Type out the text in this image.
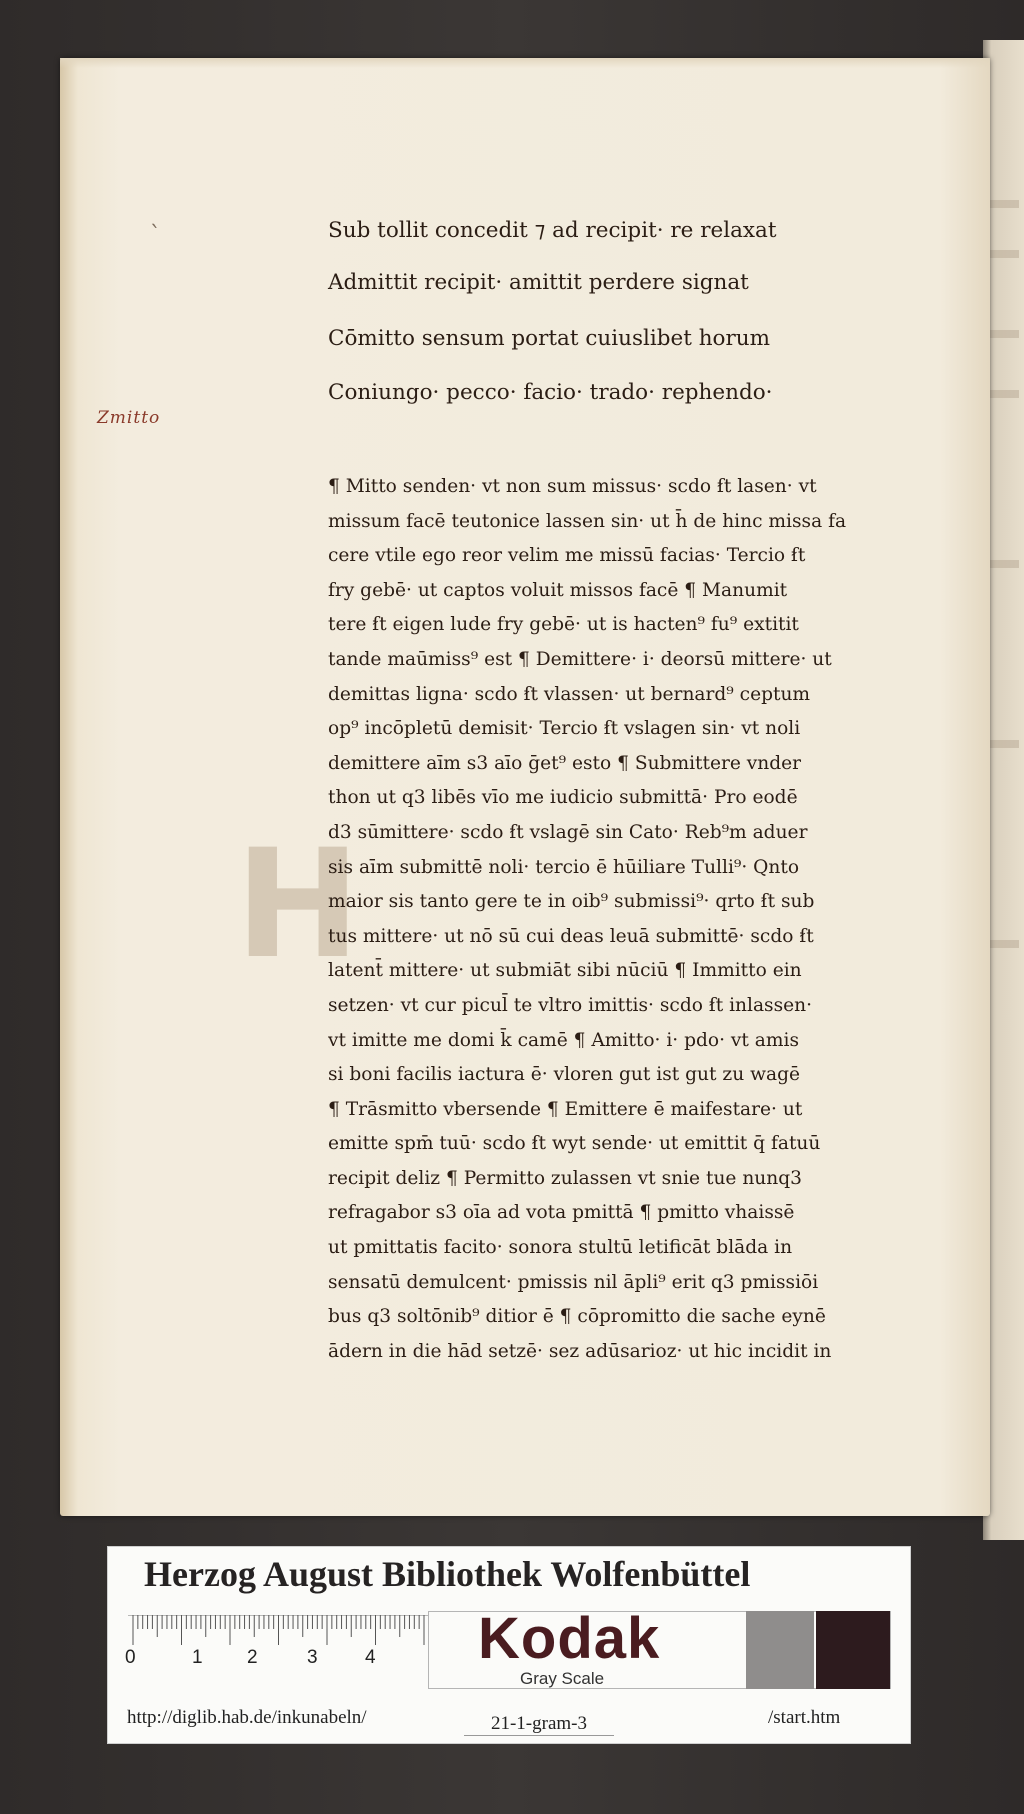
H
`
Zmitto
Sub tollit concedit ⁊ ad recipit· re relaxat
Admittit recipit· amittit perdere signat
Cōmitto sensum portat cuiuslibet horum
Coniungo· pecco· facio· trado· rephendo·
¶ Mitto senden· vt non sum missus· scdo ẜt lasen· vt
missum facē teutonice lassen sin· ut h̄ de hinc missa fa
cere vtile ego reor velim me missū facias· Tercio ẜt
fry gebē· ut captos voluit missos facē ¶ Manumit
tere ẜt eigen lude fry gebē· ut is hacten⁹ fu⁹ extitit
tande maūmiss⁹ est ¶ Demittere· i· deorsū mittere· ut
demittas ligna· scdo ẜt vlassen· ut bernard⁹ ceptum
op⁹ incōpletū demisit· Tercio ẜt vslagen sin· vt noli
demittere aīm s3 aīo ḡet⁹ esto ¶ Submittere vnder
thon ut q3 libēs vīo me iudicio submittā· Pro eodē
d3 sūmittere· scdo ẜt vslagē sin Cato· Reb⁹m aduer
sis aīm submittē noli· tercio ē hūiliare Tulli⁹· Qnto
maior sis tanto gere te in oib⁹ submissi⁹· qrto ẜt sub
tus mittere· ut nō sū cui deas leuā submittē· scdo ẜt
latent̄ mittere· ut submiāt sibi nūciū ¶ Immitto ein
setzen· vt cur picul̄ te vltro imittis· scdo ẜt inlassen·
vt imitte me domi k̄ camē ¶ Amitto· i· pdo· vt amis
si boni facilis iactura ē· vloren gut ist gut zu wagē
¶ Trāsmitto vbersende ¶ Emittere ē maifestare· ut
emitte spm̄ tuū· scdo ẜt wyt sende· ut emittit q̄ fatuū
recipit deliz ¶ Permitto zulassen vt snie tue nunq3
refragabor s3 oīa ad vota pmittā ¶ pmitto vhaissē
ut pmittatis facito· sonora stultū letificāt blāda in
sensatū demulcent· pmissis nil āpli⁹ erit q3 pmissiōi
bus q3 soltōnib⁹ ditior ē ¶ cōpromitto die sache eynē
ādern in die hād setzē· sez adūsarioz· ut hic incidit in
Herzog August Bibliothek Wolfenbüttel
0	1 2	3 4 Kodak
Gray Scale
http://diglib.hab.de/inkunabeln/	21-1-gram-3	/start.htm
